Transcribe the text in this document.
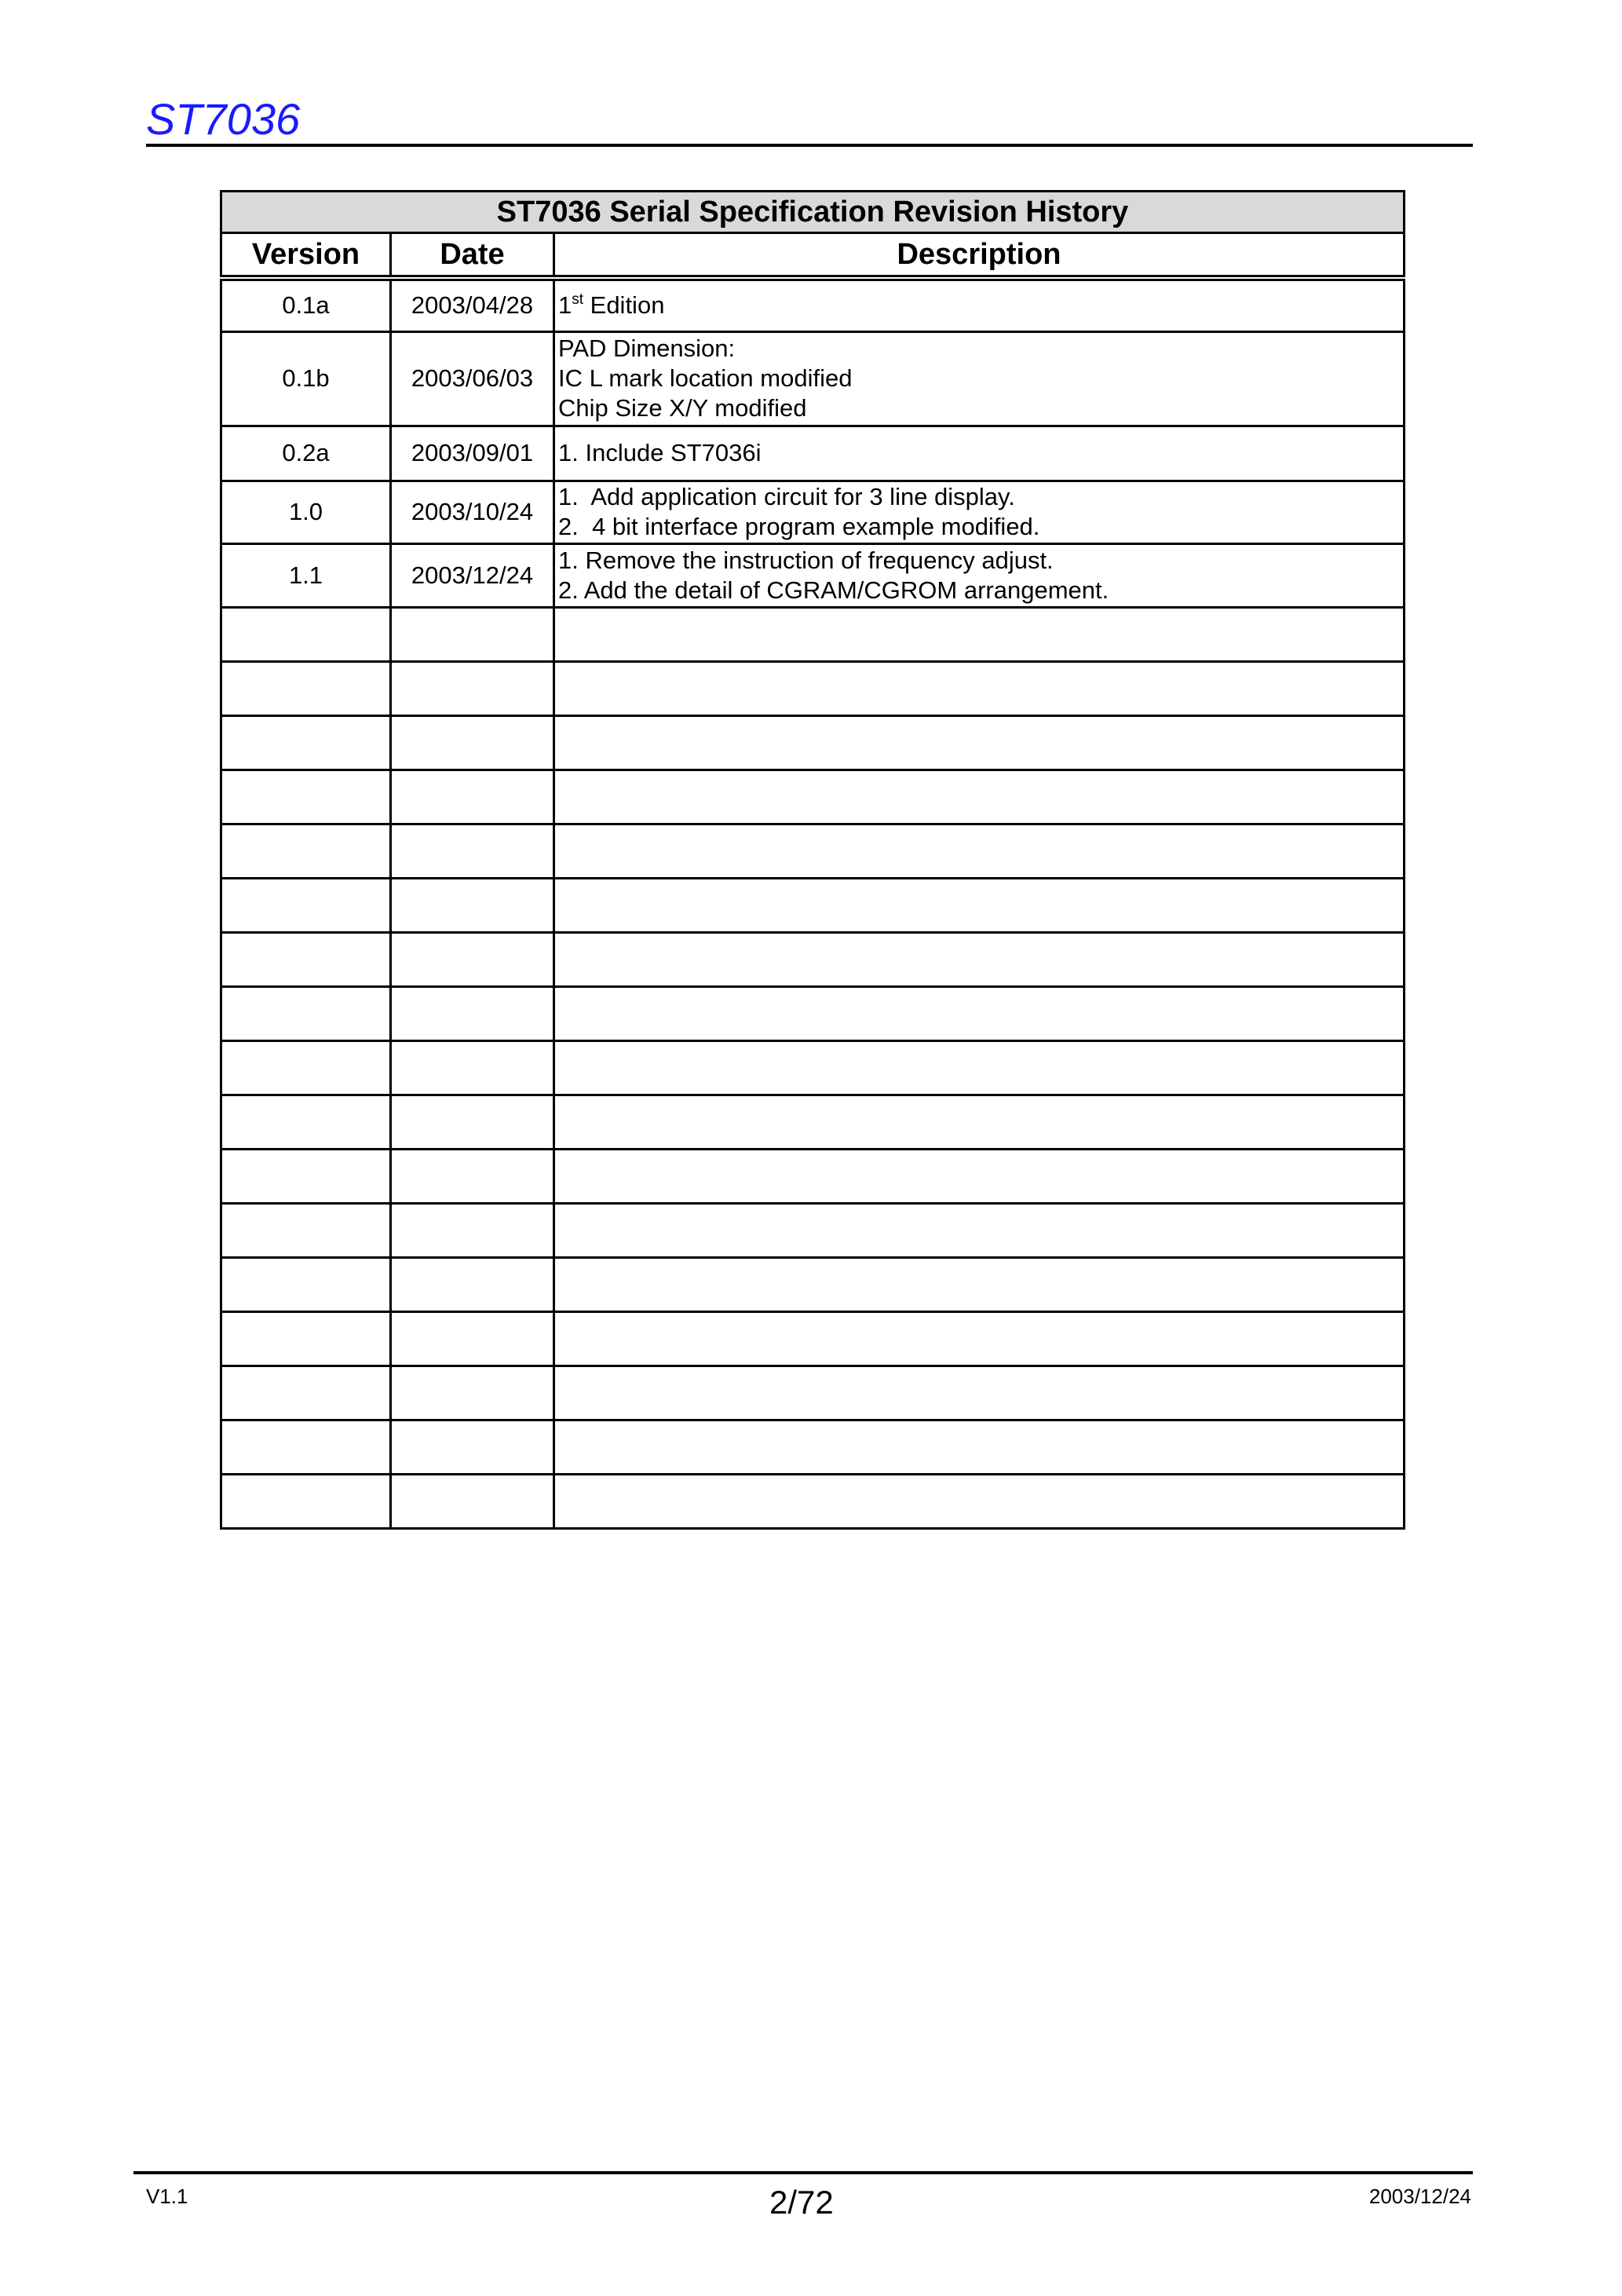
ST7036
ST7036 Serial Specification Revision History		
Version	Date	Description
0.1a	2003/04/28	1st Edition

0.1b	2003/06/03	PAD Dimension:
IC L mark location modified
Chip Size X/Y modified

0.2a	2003/09/01	1. Include ST7036i

1.0	2003/10/24	1.  Add application circuit for 3 line display.
2.  4 bit interface program example modified.

1.1	2003/12/24	1. Remove the instruction of frequency adjust.
2. Add the detail of CGRAM/CGROM arrangement.

V1.1	2/72	2003/12/24
